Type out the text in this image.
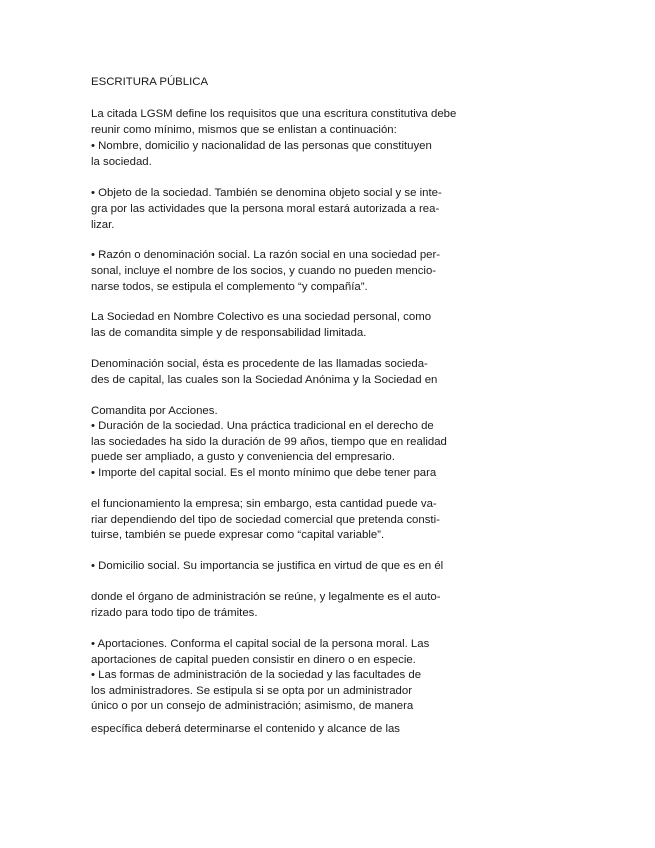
ESCRITURA PÚBLICA

La citada LGSM define los requisitos que una escritura constitutiva debe

reunir como mínimo, mismos que se enlistan a continuación:

• Nombre, domicilio y nacionalidad de las personas que constituyen

la sociedad.

• Objeto de la sociedad. También se denomina objeto social y se inte-

gra por las actividades que la persona moral estará autorizada a rea-

lizar.

• Razón o denominación social. La razón social en una sociedad per-

sonal, incluye el nombre de los socios, y cuando no pueden mencio-

narse todos, se estipula el complemento “y compañía”.

La Sociedad en Nombre Colectivo es una sociedad personal, como

las de comandita simple y de responsabilidad limitada.

Denominación social, ésta es procedente de las llamadas socieda-

des de capital, las cuales son la Sociedad Anónima y la Sociedad en

Comandita por Acciones.

• Duración de la sociedad. Una práctica tradicional en el derecho de

las sociedades ha sido la duración de 99 años, tiempo que en realidad

puede ser ampliado, a gusto y conveniencia del empresario.

• Importe del capital social. Es el monto mínimo que debe tener para

el funcionamiento la empresa; sin embargo, esta cantidad puede va-

riar dependiendo del tipo de sociedad comercial que pretenda consti-

tuirse, también se puede expresar como “capital variable”.

• Domicilio social. Su importancia se justifica en virtud de que es en él

donde el órgano de administración se reúne, y legalmente es el auto-

rizado para todo tipo de trámites.

• Aportaciones. Conforma el capital social de la persona moral. Las

aportaciones de capital pueden consistir en dinero o en especie.

• Las formas de administración de la sociedad y las facultades de

los administradores. Se estipula si se opta por un administrador

único o por un consejo de administración; asimismo, de manera

específica deberá determinarse el contenido y alcance de las
